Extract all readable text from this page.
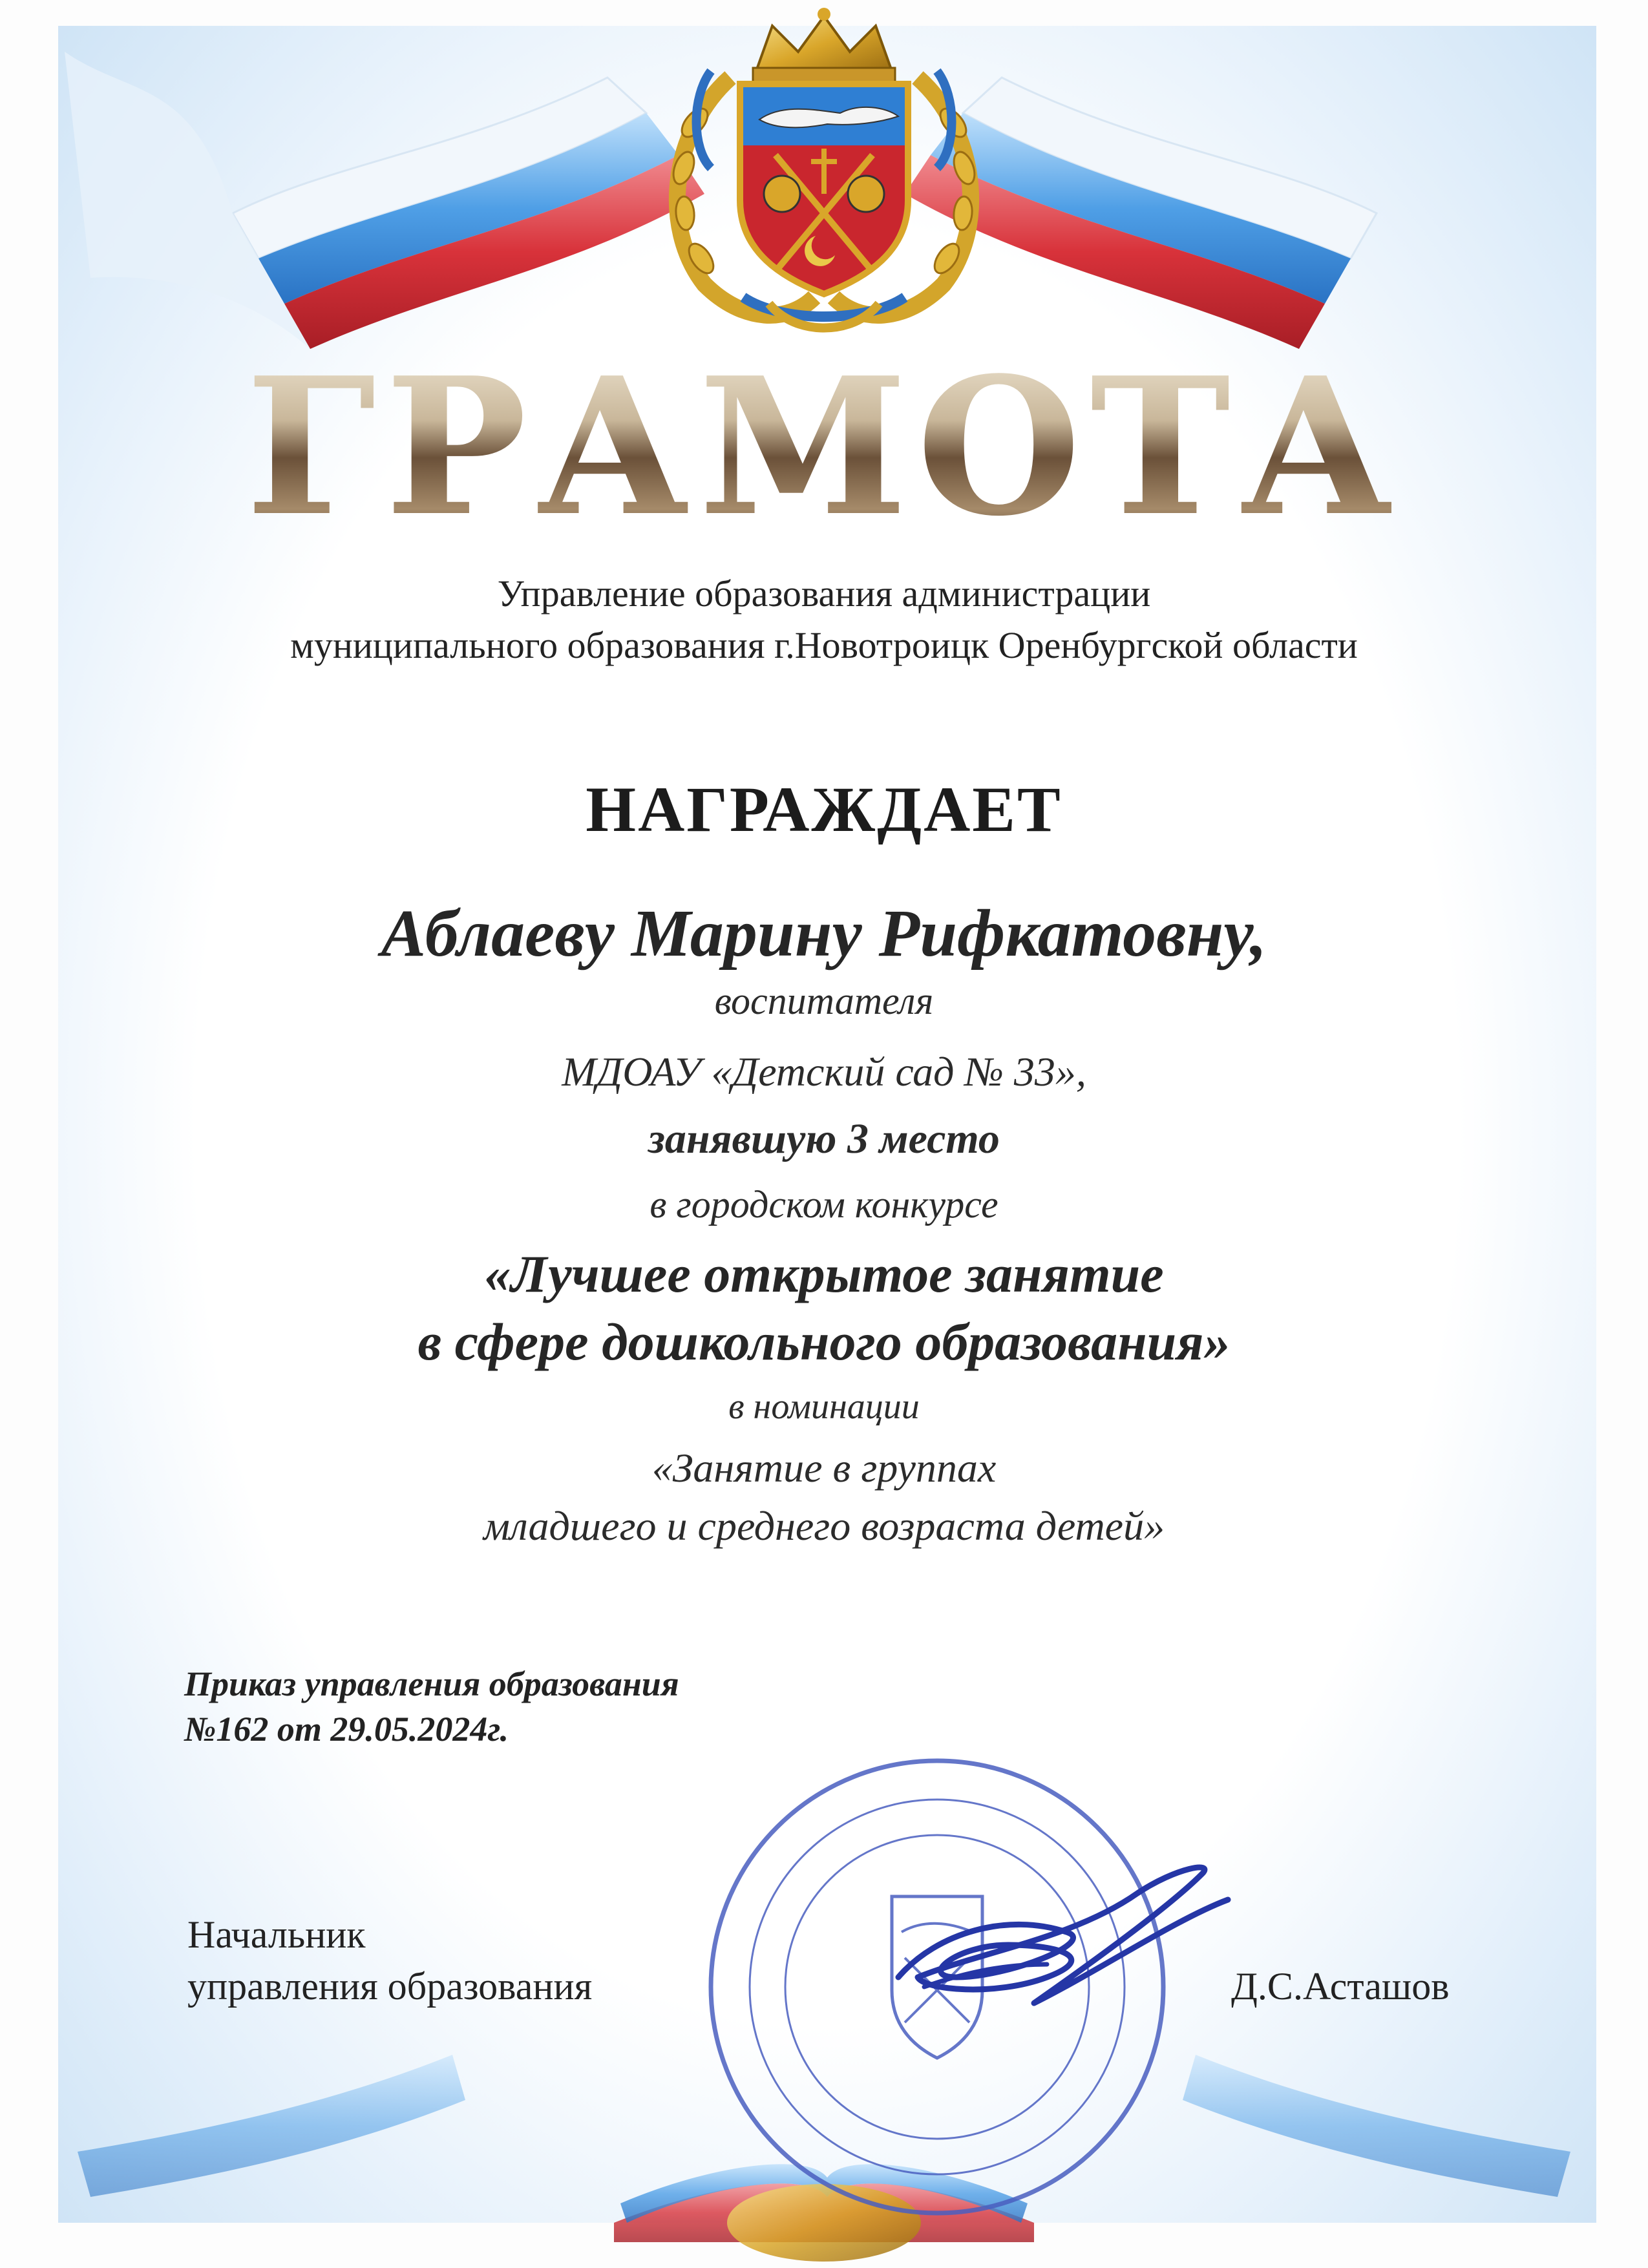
ГРАМОТА
Управление образования администрации
муниципального образования г.Новотроицк Оренбургской области
НАГРАЖДАЕТ
Аблаеву Марину Рифкатовну,
воспитателя
МДОАУ «Детский сад № 33»,
занявшую 3 место
в городском конкурсе
«Лучшее открытое занятие
в сфере дошкольного образования»
в номинации
«Занятие в группах
младшего и среднего возраста детей»
Приказ управления образования
№162 от 29.05.2024г.
Начальник
управления образования	Д.С.Асташов
